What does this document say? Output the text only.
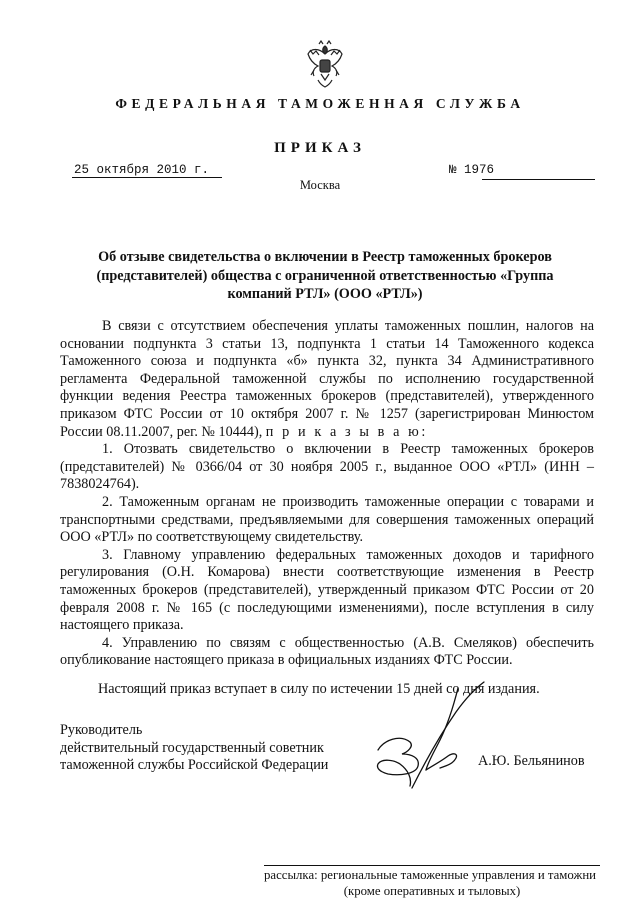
ФЕДЕРАЛЬНАЯ ТАМОЖЕННАЯ СЛУЖБА
ПРИКАЗ
25 октября 2010 г.	№ 1976
Москва
Об отзыве свидетельства о включении в Реестр таможенных брокеров (представителей) общества с ограниченной ответственностью «Группа компаний РТЛ» (ООО «РТЛ»)

В связи с отсутствием обеспечения уплаты таможенных пошлин, налогов на основании подпункта 3 статьи 13, подпункта 1 статьи 14 Таможенного кодекса Таможенного союза и подпункта «б» пункта 32, пункта 34 Административного регламента Федеральной таможенной службы по исполнению государственной функции ведения Реестра таможенных брокеров (представителей), утвержденного приказом ФТС России от 10 октября 2007 г. № 1257 (зарегистрирован Минюстом России 08.11.2007, рег. № 10444), п р и к а з ы в а ю:

1. Отозвать свидетельство о включении в Реестр таможенных брокеров (представителей) № 0366/04 от 30 ноября 2005 г., выданное ООО «РТЛ» (ИНН – 7838024764).

2. Таможенным органам не производить таможенные операции с товарами и транспортными средствами, предъявляемыми для совершения таможенных операций ООО «РТЛ» по соответствующему свидетельству.

3. Главному управлению федеральных таможенных доходов и тарифного регулирования (О.Н. Комарова) внести соответствующие изменения в Реестр таможенных брокеров (представителей), утвержденный приказом ФТС России от 20 февраля 2008 г. № 165 (с последующими изменениями), после вступления в силу настоящего приказа.

4. Управлению по связям с общественностью (А.В. Смеляков) обеспечить опубликование настоящего приказа в официальных изданиях ФТС России.

Настоящий приказ вступает в силу по истечении 15 дней со дня издания.
Руководитель
действительный государственный советник
таможенной службы Российской Федерации	А.Ю. Бельянинов
рассылка: региональные таможенные управления и таможни
(кроме оперативных и тыловых)
